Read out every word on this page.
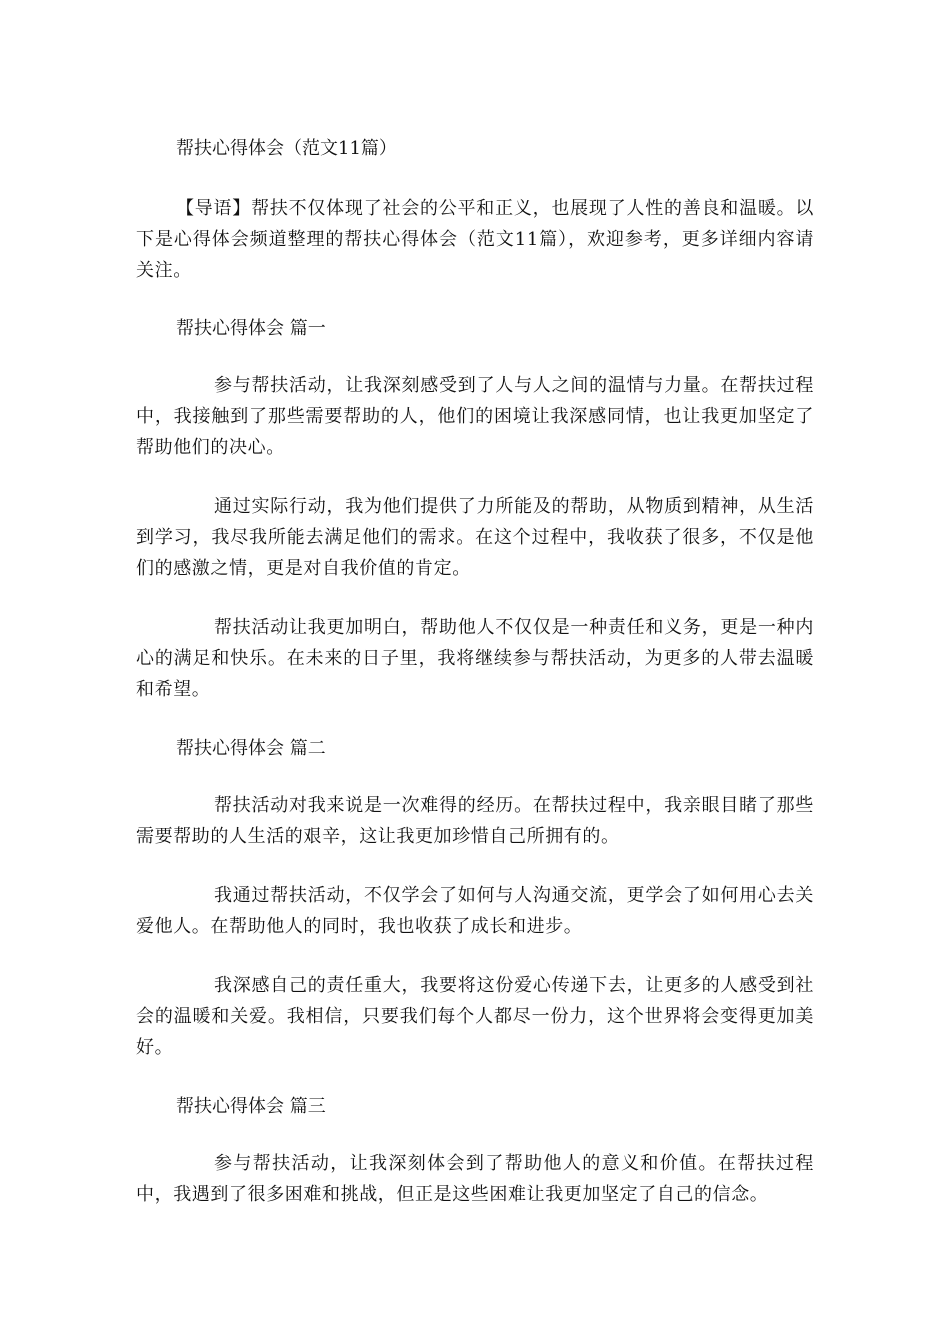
帮扶心得体会（范文11篇）

【导语】帮扶不仅体现了社会的公平和正义，也展现了人性的善良和温暖。以下是心得体会频道整理的帮扶心得体会（范文11篇），欢迎参考，更多详细内容请关注。

帮扶心得体会 篇一

参与帮扶活动，让我深刻感受到了人与人之间的温情与力量。在帮扶过程中，我接触到了那些需要帮助的人，他们的困境让我深感同情，也让我更加坚定了帮助他们的决心。

通过实际行动，我为他们提供了力所能及的帮助，从物质到精神，从生活到学习，我尽我所能去满足他们的需求。在这个过程中，我收获了很多，不仅是他们的感激之情，更是对自我价值的肯定。

帮扶活动让我更加明白，帮助他人不仅仅是一种责任和义务，更是一种内心的满足和快乐。在未来的日子里，我将继续参与帮扶活动，为更多的人带去温暖和希望。

帮扶心得体会 篇二

帮扶活动对我来说是一次难得的经历。在帮扶过程中，我亲眼目睹了那些需要帮助的人生活的艰辛，这让我更加珍惜自己所拥有的。

我通过帮扶活动，不仅学会了如何与人沟通交流，更学会了如何用心去关爱他人。在帮助他人的同时，我也收获了成长和进步。

我深感自己的责任重大，我要将这份爱心传递下去，让更多的人感受到社会的温暖和关爱。我相信，只要我们每个人都尽一份力，这个世界将会变得更加美好。

帮扶心得体会 篇三

参与帮扶活动，让我深刻体会到了帮助他人的意义和价值。在帮扶过程中，我遇到了很多困难和挑战，但正是这些困难让我更加坚定了自己的信念。
